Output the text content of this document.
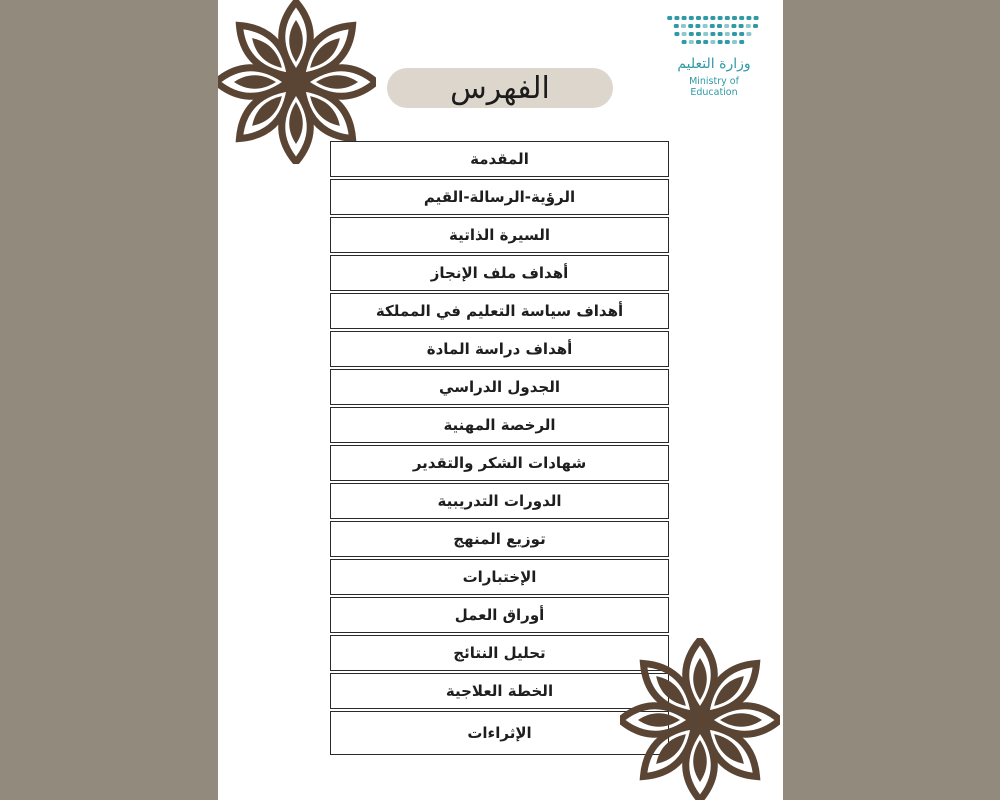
وزارة التعليم
Ministry of Education
الفهرس
المقدمة
الرؤية-الرسالة-القيم
السيرة الذاتية
أهداف ملف الإنجاز
أهداف سياسة التعليم في المملكة
أهداف دراسة المادة
الجدول الدراسي
الرخصة المهنية
شهادات الشكر والتقدير
الدورات التدريبية
توزيع المنهج
الإختبارات
أوراق العمل
تحليل النتائج
الخطة العلاجية
الإثراءات
